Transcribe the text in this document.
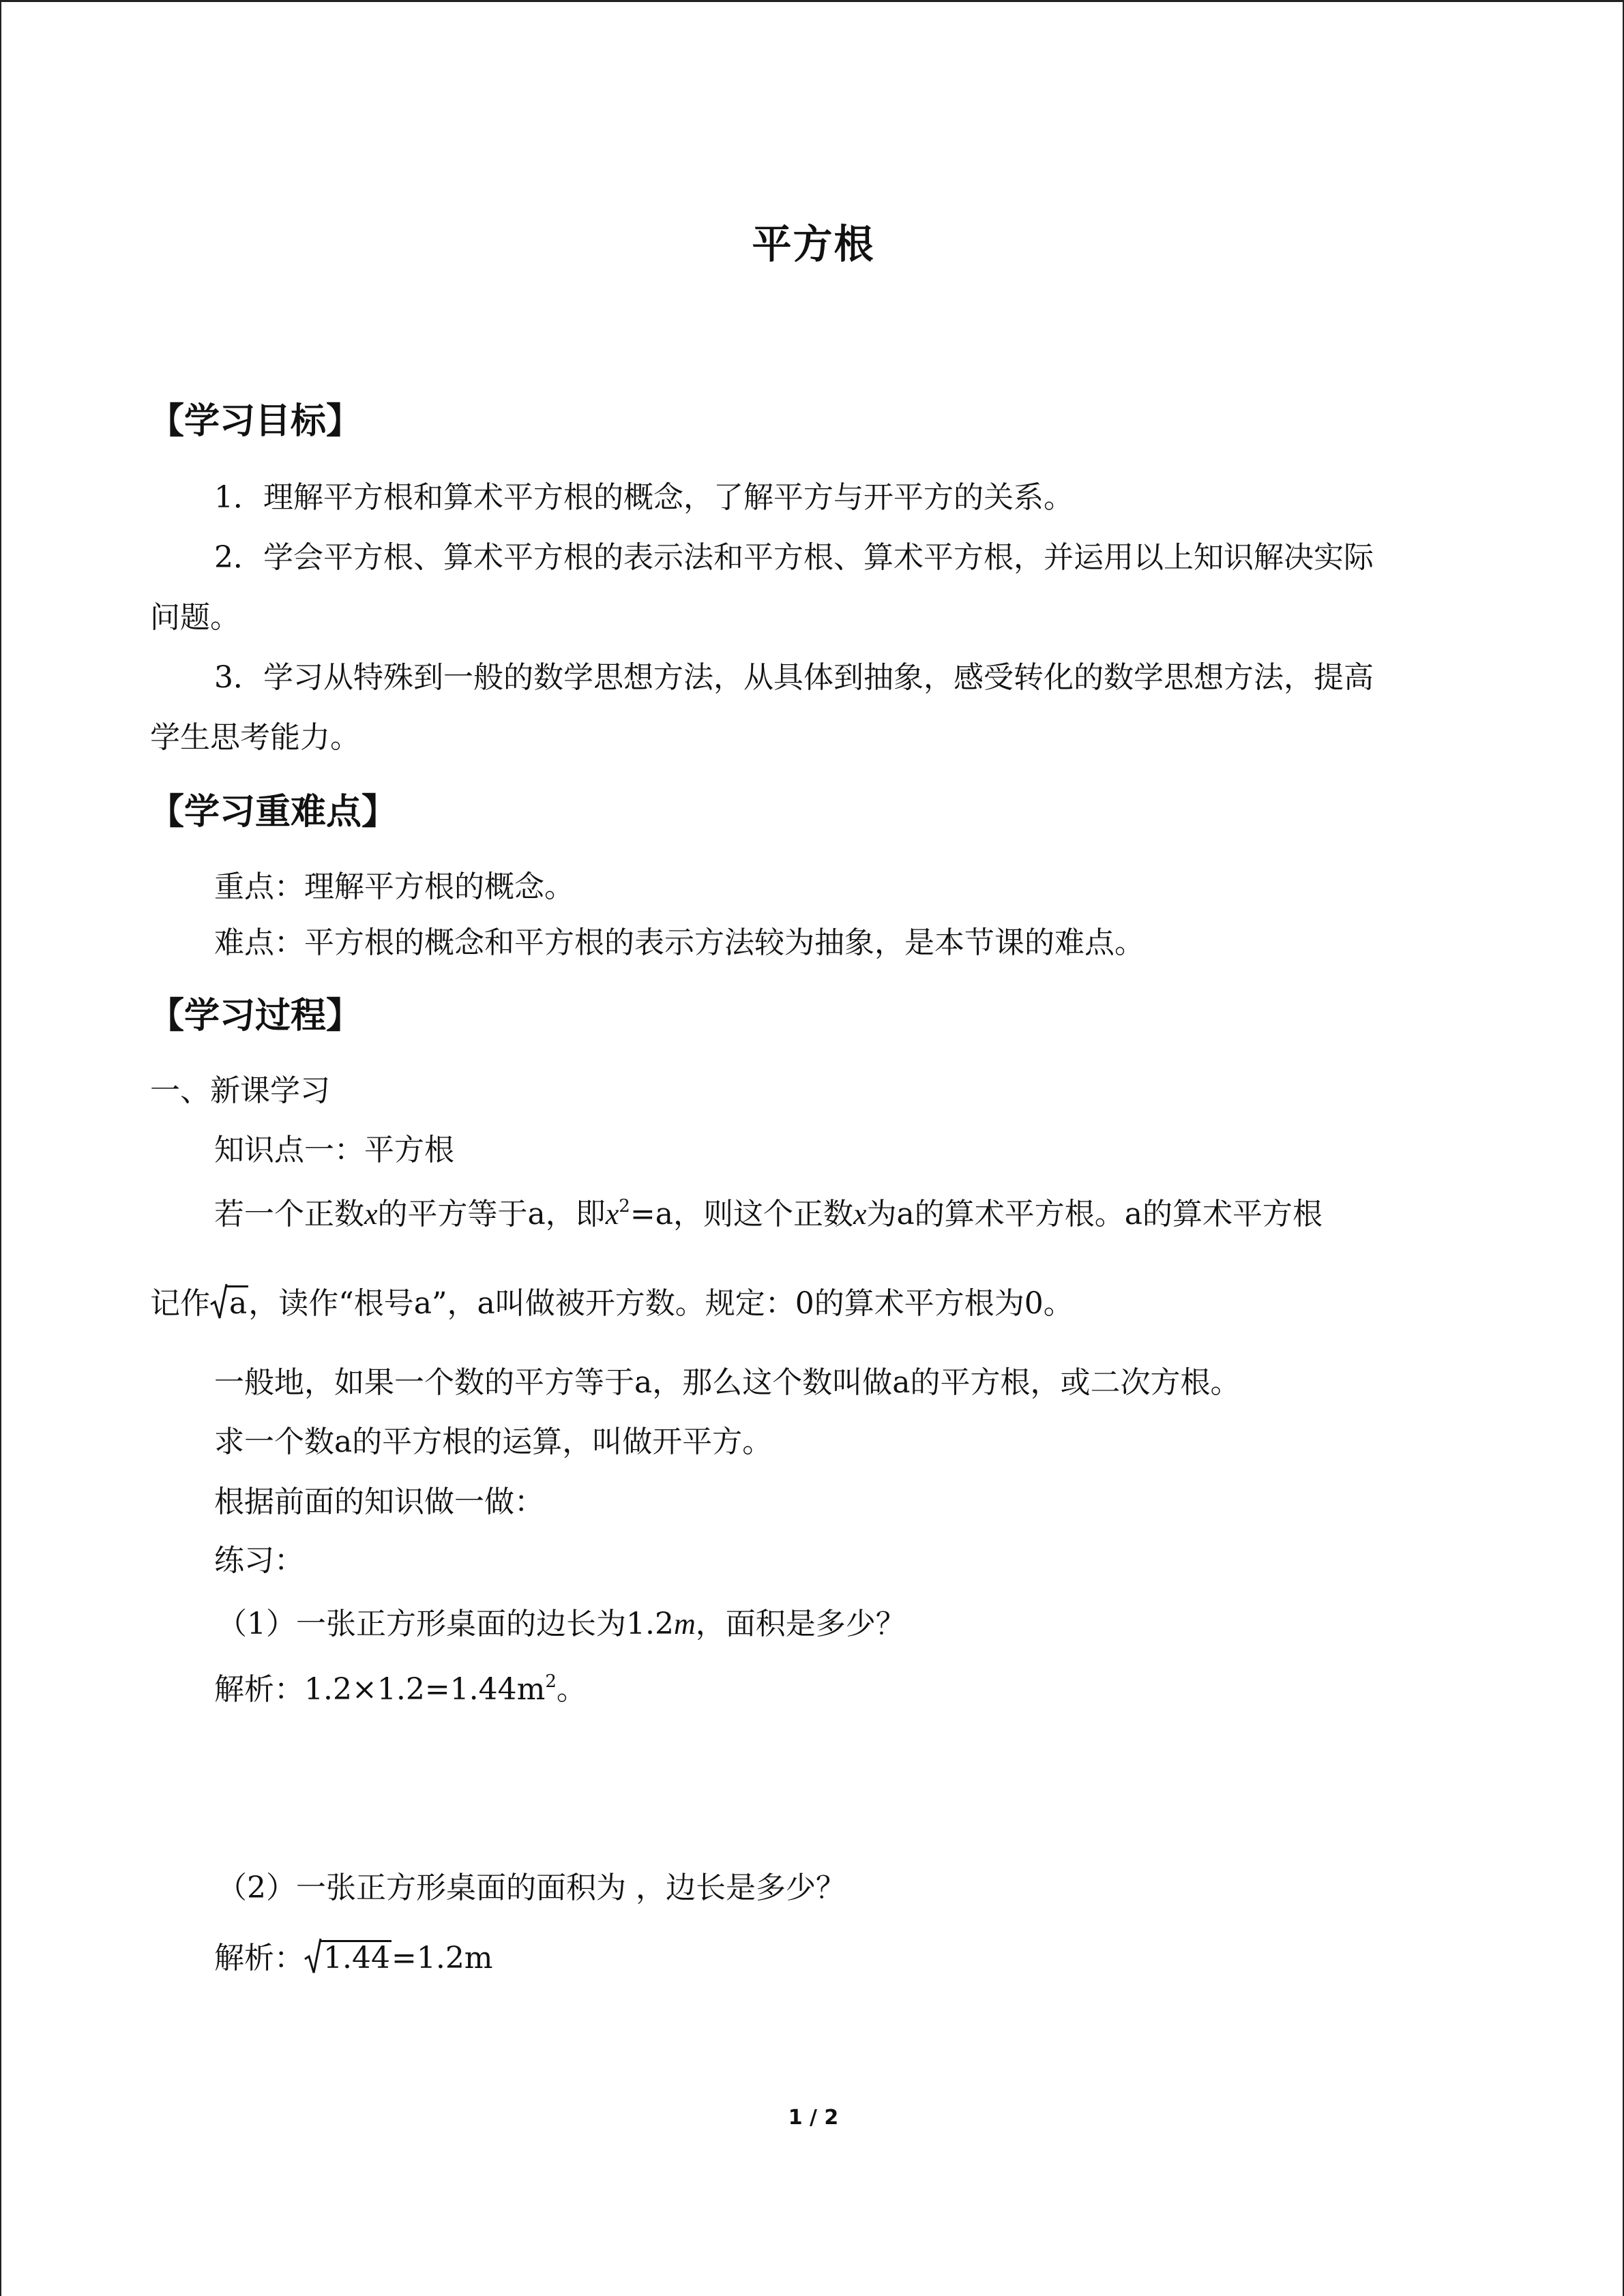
平方根
【学习目标】

1．理解平方根和算术平方根的概念，了解平方与开平方的关系。

2．学会平方根、算术平方根的表示法和平方根、算术平方根，并运用以上知识解决实际

问题。

3．学习从特殊到一般的数学思想方法，从具体到抽象，感受转化的数学思想方法，提高

学生思考能力。

【学习重难点】

重点：理解平方根的概念。

难点：平方根的概念和平方根的表示方法较为抽象，是本节课的难点。

【学习过程】

一、新课学习

知识点一：平方根

若一个正数x的平方等于a，即$x^2=a$，则这个正数x为a的算术平方根。a的算术平方根

记作 a，读作“根号a”，a叫做被开方数。规定：0的算术平方根为0。

一般地，如果一个数的平方等于a，那么这个数叫做a的平方根，或二次方根。

求一个数a的平方根的运算，叫做开平方。

根据前面的知识做一做：

练习：

（1）一张正方形桌面的边长为1.2m，面积是多少？

解析：$1.2\times 1.2=1.44m^2$。

（2）一张正方形桌面的面积为 ，边长是多少？

解析： 1.44=1.2m

1 / 2
